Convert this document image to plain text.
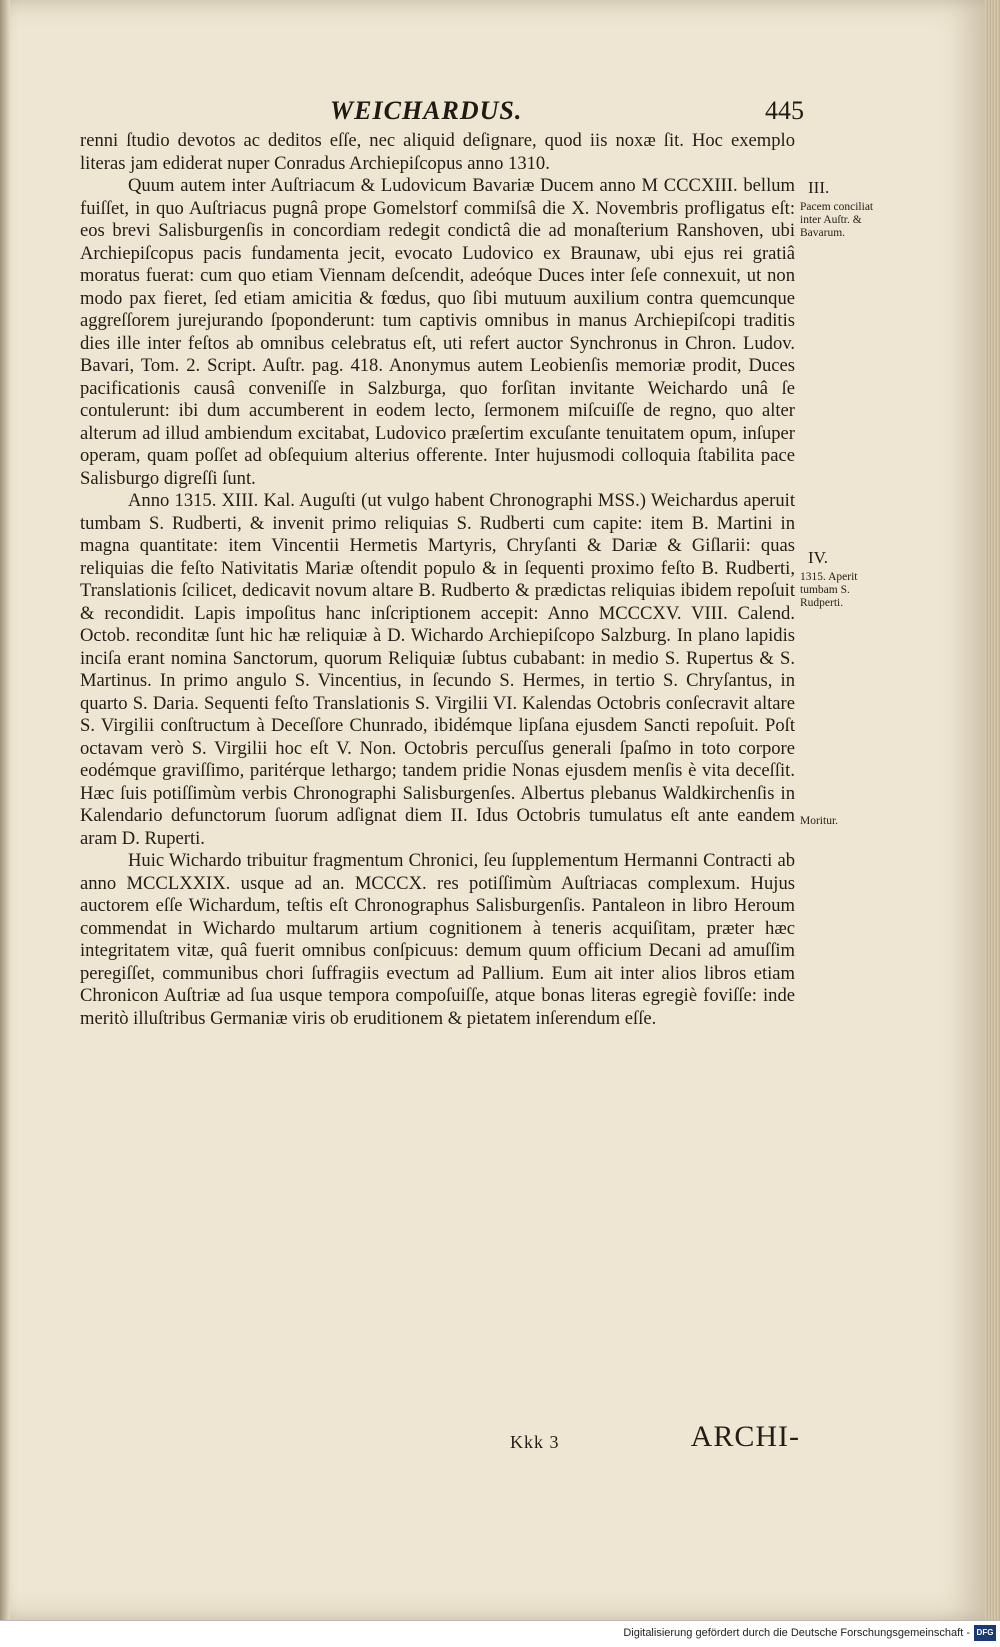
WEICHARDUS.	445

renni ſtudio devotos ac deditos eſſe, nec aliquid deſignare, quod iis noxæ ſit. Hoc exemplo literas jam ediderat nuper Conradus Archiepiſcopus anno 1310.

Quum autem inter Auſtriacum & Ludovicum Bavariæ Ducem anno M CCCXIII. bellum fuiſſet, in quo Auſtriacus pugnâ prope Gomelstorf commiſsâ die X. Novembris profligatus eſt: eos brevi Salisburgenſis in concordiam redegit condictâ die ad monaſterium Ranshoven, ubi Archiepiſcopus pacis fundamenta jecit, evocato Ludovico ex Braunaw, ubi ejus rei gratiâ moratus fuerat: cum quo etiam Viennam deſcendit, adeóque Duces inter ſeſe connexuit, ut non modo pax fieret, ſed etiam amicitia & fœdus, quo ſibi mutuum auxilium contra quemcunque aggreſſorem jurejurando ſpoponderunt: tum captivis omnibus in manus Archiepiſcopi traditis dies ille inter feſtos ab omnibus celebratus eſt, uti refert auctor Synchronus in Chron. Ludov. Bavari, Tom. 2. Script. Auſtr. pag. 418. Anonymus autem Leobienſis memoriæ prodit, Duces pacificationis causâ conveniſſe in Salzburga, quo forſitan invitante Weichardo unâ ſe contulerunt: ibi dum accumberent in eodem lecto, ſermonem miſcuiſſe de regno, quo alter alterum ad illud ambiendum excitabat, Ludovico præſertim excuſante tenuitatem opum, inſuper operam, quam poſſet ad obſequium alterius offerente. Inter hujusmodi colloquia ſtabilita pace Salisburgo digreſſi ſunt.

Anno 1315. XIII. Kal. Auguſti (ut vulgo habent Chronographi MSS.) Weichardus aperuit tumbam S. Rudberti, & invenit primo reliquias S. Rudberti cum capite: item B. Martini in magna quantitate: item Vincentii Hermetis Martyris, Chryſanti & Dariæ & Giſlarii: quas reliquias die feſto Nativitatis Mariæ oſtendit populo & in ſequenti proximo feſto B. Rudberti, Translationis ſcilicet, dedicavit novum altare B. Rudberto & prædictas reliquias ibidem repoſuit & recondidit. Lapis impoſitus hanc inſcriptionem accepit: Anno MCCCXV. VIII. Calend. Octob. reconditæ ſunt hic hæ reliquiæ à D. Wichardo Archiepiſcopo Salzburg. In plano lapidis inciſa erant nomina Sanctorum, quorum Reliquiæ ſubtus cubabant: in medio S. Rupertus & S. Martinus. In primo angulo S. Vincentius, in ſecundo S. Hermes, in tertio S. Chryſantus, in quarto S. Daria. Sequenti feſto Translationis S. Virgilii VI. Kalendas Octobris conſecravit altare S. Virgilii conſtructum à Deceſſore Chunrado, ibidémque lipſana ejusdem Sancti repoſuit. Poſt octavam verò S. Virgilii hoc eſt V. Non. Octobris percuſſus generali ſpaſmo in toto corpore eodémque graviſſimo, paritérque lethargo; tandem pridie Nonas ejusdem menſis è vita deceſſit. Hæc ſuis potiſſimùm verbis Chronographi Salisburgenſes. Albertus plebanus Waldkirchenſis in Kalendario defunctorum ſuorum adſignat diem II. Idus Octobris tumulatus eſt ante eandem aram D. Ruperti.

Huic Wichardo tribuitur fragmentum Chronici, ſeu ſupplementum Hermanni Contracti ab anno MCCLXXIX. usque ad an. MCCCX. res potiſſimùm Auſtriacas complexum. Hujus auctorem eſſe Wichardum, teſtis eſt Chronographus Salisburgenſis. Pantaleon in libro Heroum commendat in Wichardo multarum artium cognitionem à teneris acquiſitam, præter hæc integritatem vitæ, quâ fuerit omnibus conſpicuus: demum quum officium Decani ad amuſſim peregiſſet, communibus chori ſuffragiis evectum ad Pallium. Eum ait inter alios libros etiam Chronicon Auſtriæ ad ſua usque tempora compoſuiſſe, atque bonas literas egregiè foviſſe: inde meritò illuſtribus Germaniæ viris ob eruditionem & pietatem inſerendum eſſe.

III.
Pacem conciliat inter Auſtr. & Bavarum.
IV.
1315. Aperit tumbam S. Rudperti.
Moritur.
Kkk 3	ARCHI-
Digitalisierung gefördert durch die Deutsche Forschungsgemeinschaft - DFG
